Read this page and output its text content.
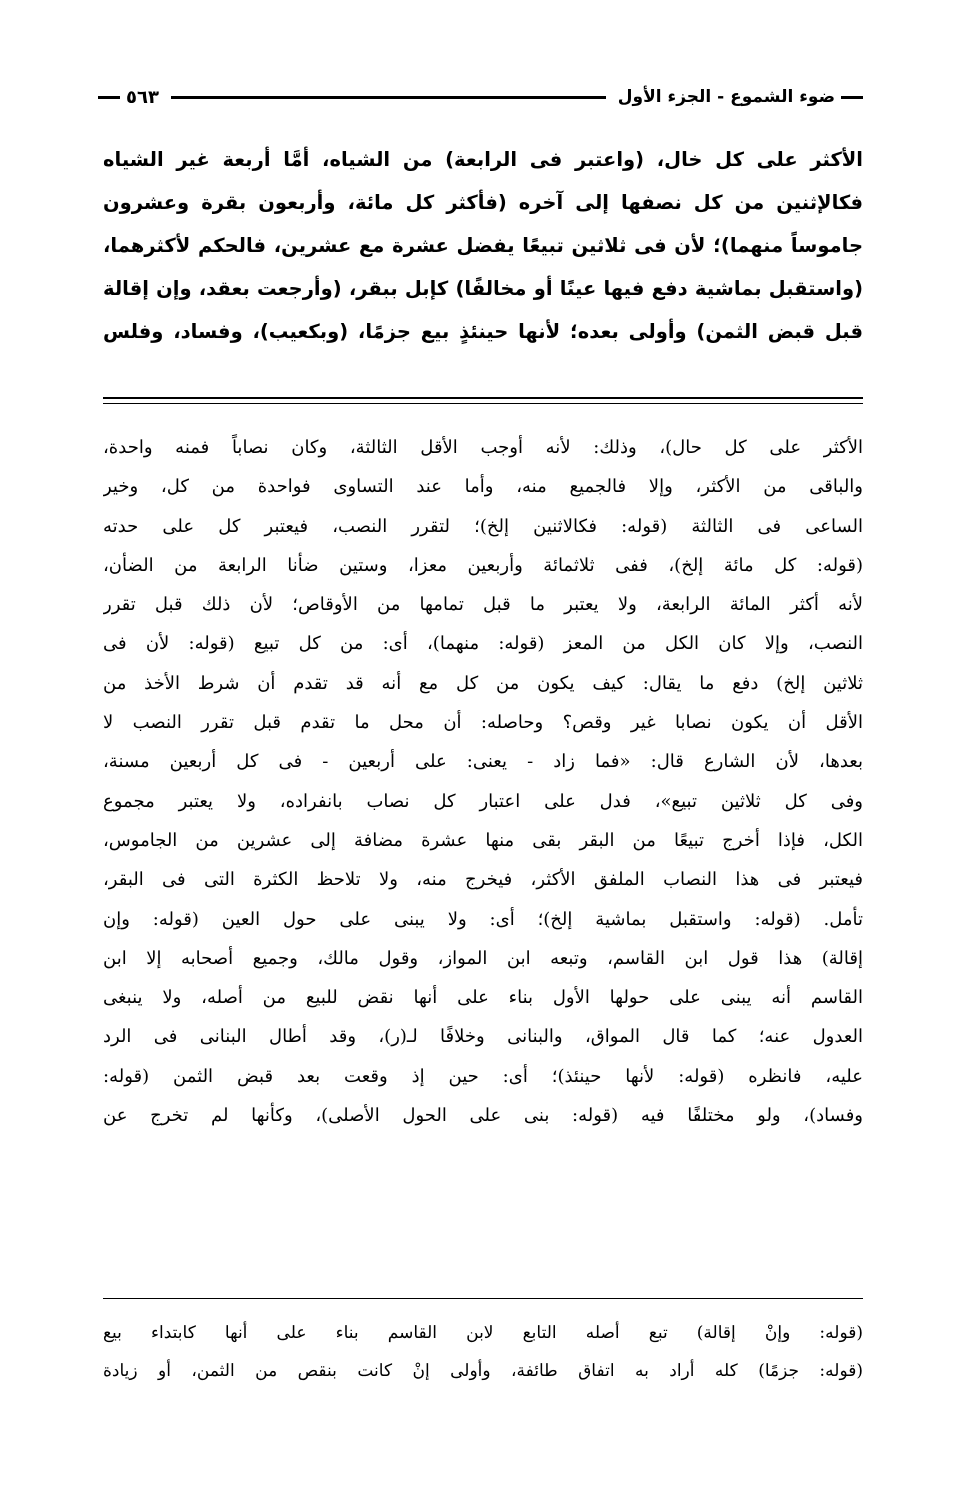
ضوء الشموع - الجزء الأول
٥٦٣
الأكثر على كل خال، (واعتبر فى الرابعة) من الشياه، أمَّا أربعة غير الشياه
فكالإثنين من كل نصفها إلى آخره (فأكثر كل مائة، وأربعون بقرة وعشرون
جاموساً منهما)؛ لأن فى ثلاثين تبيعًا يفضل عشرة مع عشرين، فالحكم لأكثرهما،
(واستقبل بماشية دفع فيها عينًا أو مخالفًا) كإبل ببقر، (وأرجعت بعقد، وإن إقالة
قبل قبض الثمن) وأولى بعده؛ لأنها حينئذٍ بيع جزمًا، (وبكعيب)، وفساد، وفلس
الأكثر على كل حال)، وذلك: لأنه أوجب الأقل الثالثة، وكان نصاباً فمنه واحدة،
والباقى من الأكثر، وإلا فالجميع منه، وأما عند التساوى فواحدة من كل، وخير
الساعى فى الثالثة (قوله: فكالاثنين إلخ)؛ لتقرر النصب، فيعتبر كل على حدته
(قوله: كل مائة إلخ)، ففى ثلاثمائة وأربعين معزا، وستين ضأنا الرابعة من الضأن،
لأنه أكثر المائة الرابعة، ولا يعتبر ما قبل تمامها من الأوقاص؛ لأن ذلك قبل تقرر
النصب، وإلا كان الكل من المعز (قوله: منهما)، أى: من كل تبيع (قوله: لأن فى
ثلاثين إلخ) دفع ما يقال: كيف يكون من كل مع أنه قد تقدم أن شرط الأخذ من
الأقل أن يكون نصابا غير وقص؟ وحاصله: أن محل ما تقدم قبل تقرر النصب لا
بعدها، لأن الشارع قال: «فما زاد - يعنى: على أربعين - فى كل أربعين مسنة،
وفى كل ثلاثين تبيع»، فدل على اعتبار كل نصاب بانفراده، ولا يعتبر مجموع
الكل، فإذا أخرج تبيعًا من البقر بقى منها عشرة مضافة إلى عشرين من الجاموس،
فيعتبر فى هذا النصاب الملفق الأكثر، فيخرج منه، ولا تلاحظ الكثرة التى فى البقر،
تأمل. (قوله: واستقبل بماشية إلخ)؛ أى: ولا يبنى على حول العين (قوله: وإن
إقالة) هذا قول ابن القاسم، وتبعه ابن المواز، وقول مالك، وجميع أصحابه إلا ابن
القاسم أنه يبنى على حولها الأول بناء على أنها نقض للبيع من أصله، ولا ينبغى
العدول عنه؛ كما قال المواق، والبنانى وخلافًا لـ(ر)، وقد أطال البنانى فى الرد
عليه، فانظره (قوله: لأنها حينئذ)؛ أى: حين إذ وقعت بعد قبض الثمن (قوله:
وفساد)، ولو مختلفًا فيه (قوله: بنى على الحول الأصلى)، وكأنها لم تخرج عن
(قوله: وإنْ إقالة) تبع أصله التابع لابن القاسم بناء على أنها كابتداء بيع
(قوله: جزمًا) كله أراد به اتفاق طائفة، وأولى إنْ كانت بنقص من الثمن، أو زيادة
